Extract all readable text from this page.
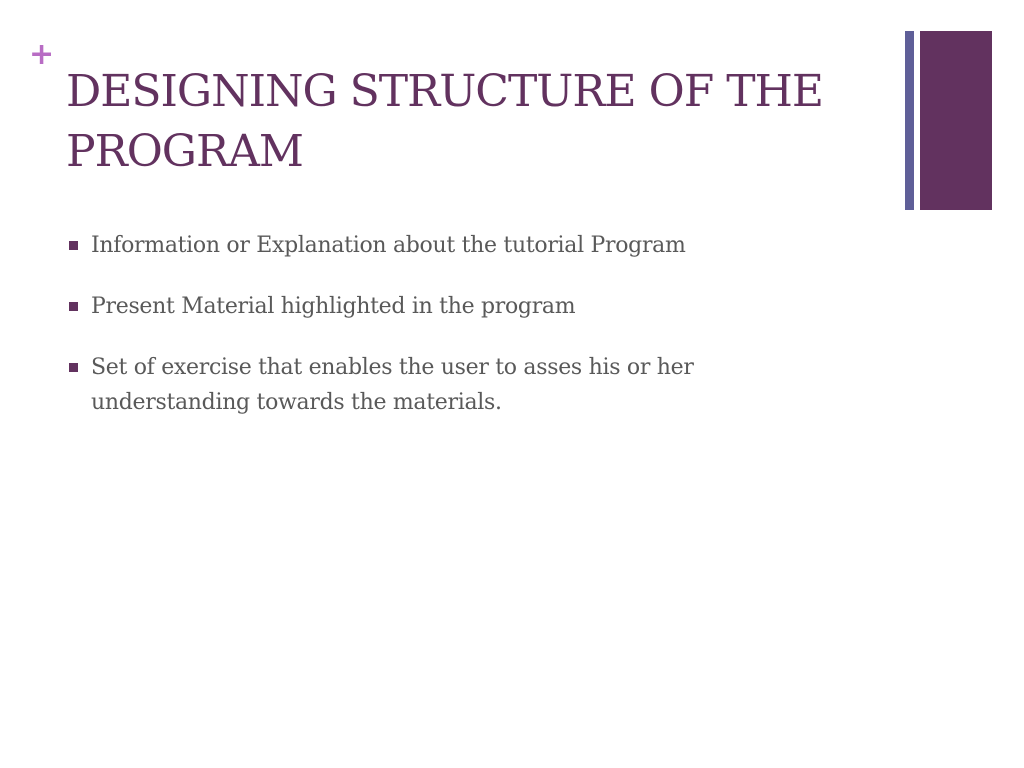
+
DESIGNING STRUCTURE OF THE PROGRAM
Information or Explanation about the tutorial Program
Present Material highlighted in the program
Set of exercise that enables the user to asses his or her understanding towards the materials.
